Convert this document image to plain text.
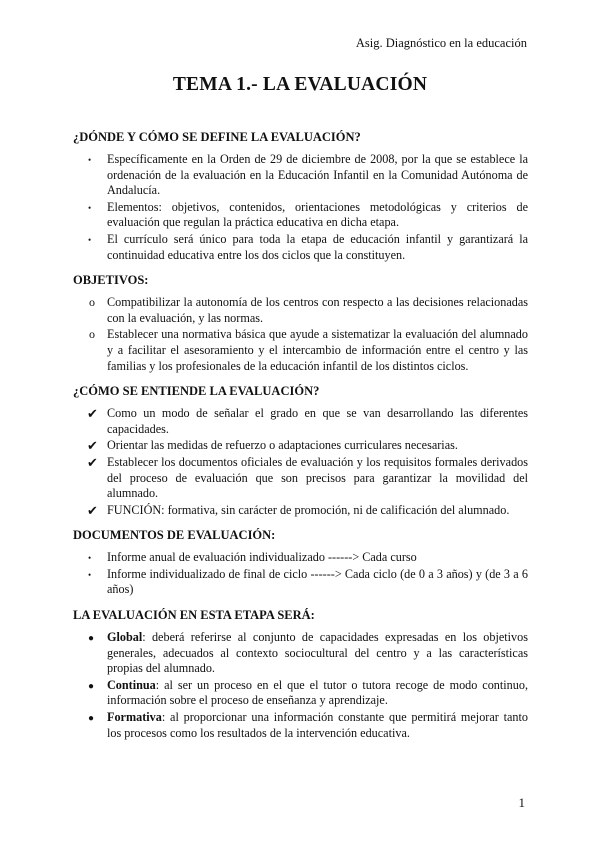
Asig. Diagnóstico en la educación
TEMA 1.- LA EVALUACIÓN
¿DÓNDE Y CÓMO SE DEFINE LA EVALUACIÓN?
•	Específicamente en la Orden de 29 de diciembre de 2008, por la que se establece la ordenación de la evaluación en la Educación Infantil en la Comunidad Autónoma de Andalucía.
•	Elementos: objetivos, contenidos, orientaciones metodológicas y criterios de evaluación que regulan la práctica educativa en dicha etapa.
•	El currículo será único para toda la etapa de educación infantil y garantizará la continuidad educativa entre los dos ciclos que la constituyen.
OBJETIVOS:
o Compatibilizar la autonomía de los centros con respecto a las decisiones relacionadas con la evaluación, y las normas.
o Establecer una normativa básica que ayude a sistematizar la evaluación del alumnado y a facilitar el asesoramiento y el intercambio de información entre el centro y las familias y los profesionales de la educación infantil de los distintos ciclos.
¿CÓMO SE ENTIENDE LA EVALUACIÓN?
✔ Como un modo de señalar el grado en que se van desarrollando las diferentes capacidades.
✔ Orientar las medidas de refuerzo o adaptaciones curriculares necesarias.
✔ Establecer los documentos oficiales de evaluación y los requisitos formales derivados del proceso de evaluación que son precisos para garantizar la movilidad del alumnado.
✔ FUNCIÓN: formativa, sin carácter de promoción, ni de calificación del alumnado.
DOCUMENTOS DE EVALUACIÓN:
•	Informe anual de evaluación individualizado ------> Cada curso
•	Informe individualizado de final de ciclo ------> Cada ciclo (de 0 a 3 años) y (de 3 a 6 años)
LA EVALUACIÓN EN ESTA ETAPA SERÁ:
●	Global: deberá referirse al conjunto de capacidades expresadas en los objetivos generales, adecuados al contexto sociocultural del centro y a las características propias del alumnado.
●	Continua: al ser un proceso en el que el tutor o tutora recoge de modo continuo, información sobre el proceso de enseñanza y aprendizaje.
●	Formativa: al proporcionar una información constante que permitirá mejorar tanto los procesos como los resultados de la intervención educativa.
1
